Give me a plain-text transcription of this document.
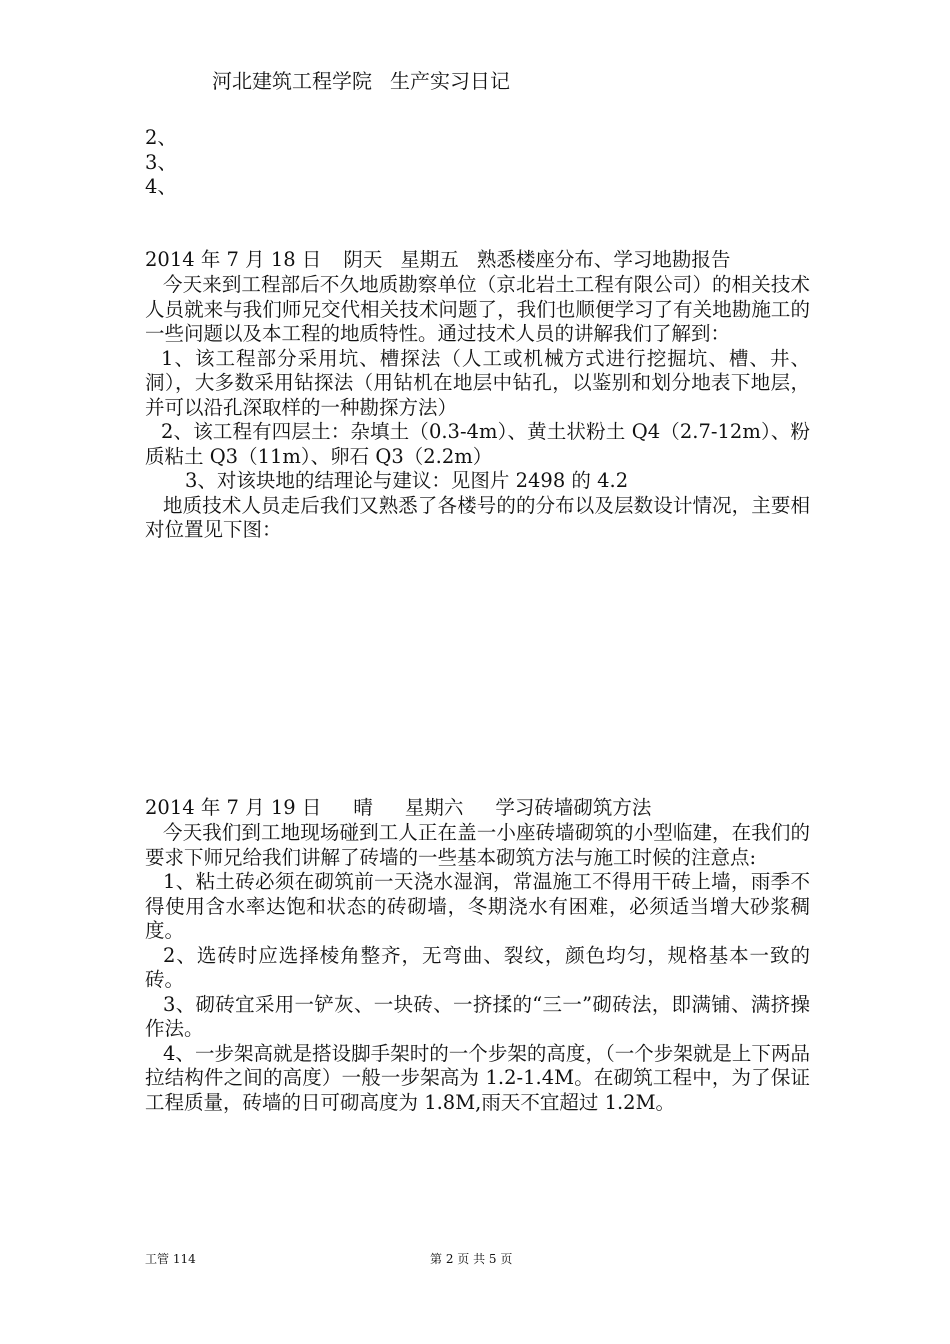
河北建筑工程学院 生产实习日记
2、
3、
4、
2014 年 7 月 18 日 阴天 星期五 熟悉楼座分布、学习地勘报告

今天来到工程部后不久地质勘察单位（京北岩土工程有限公司）的相关技术人员就来与我们师兄交代相关技术问题了，我们也顺便学习了有关地勘施工的一些问题以及本工程的地质特性。通过技术人员的讲解我们了解到：

1、该工程部分采用坑、槽探法（人工或机械方式进行挖掘坑、槽、井、洞），大多数采用钻探法（用钻机在地层中钻孔，以鉴别和划分地表下地层，并可以沿孔深取样的一种勘探方法）

2、该工程有四层土：杂填土（0.3-4m）、黄土状粉土 Q4（2.7-12m）、粉质粘土 Q3（11m）、卵石 Q3（2.2m）

3、对该块地的结理论与建议：见图片 2498 的 4.2

地质技术人员走后我们又熟悉了各楼号的的分布以及层数设计情况，主要相对位置见下图：

2014 年 7 月 19 日 晴 星期六 学习砖墙砌筑方法

今天我们到工地现场碰到工人正在盖一小座砖墙砌筑的小型临建，在我们的要求下师兄给我们讲解了砖墙的一些基本砌筑方法与施工时候的注意点:

1、粘土砖必须在砌筑前一天浇水湿润，常温施工不得用干砖上墙，雨季不得使用含水率达饱和状态的砖砌墙，冬期浇水有困难，必须适当增大砂浆稠度。

2、选砖时应选择棱角整齐，无弯曲、裂纹，颜色均匀，规格基本一致的砖。

3、砌砖宜采用一铲灰、一块砖、一挤揉的“三一”砌砖法，即满铺、满挤操作法。

4、一步架高就是搭设脚手架时的一个步架的高度，（一个步架就是上下两品拉结构件之间的高度）一般一步架高为 1.2-1.4M。在砌筑工程中，为了保证工程质量，砖墙的日可砌高度为 1.8M,雨天不宜超过 1.2M。

工管 114	第 2 页 共 5 页
